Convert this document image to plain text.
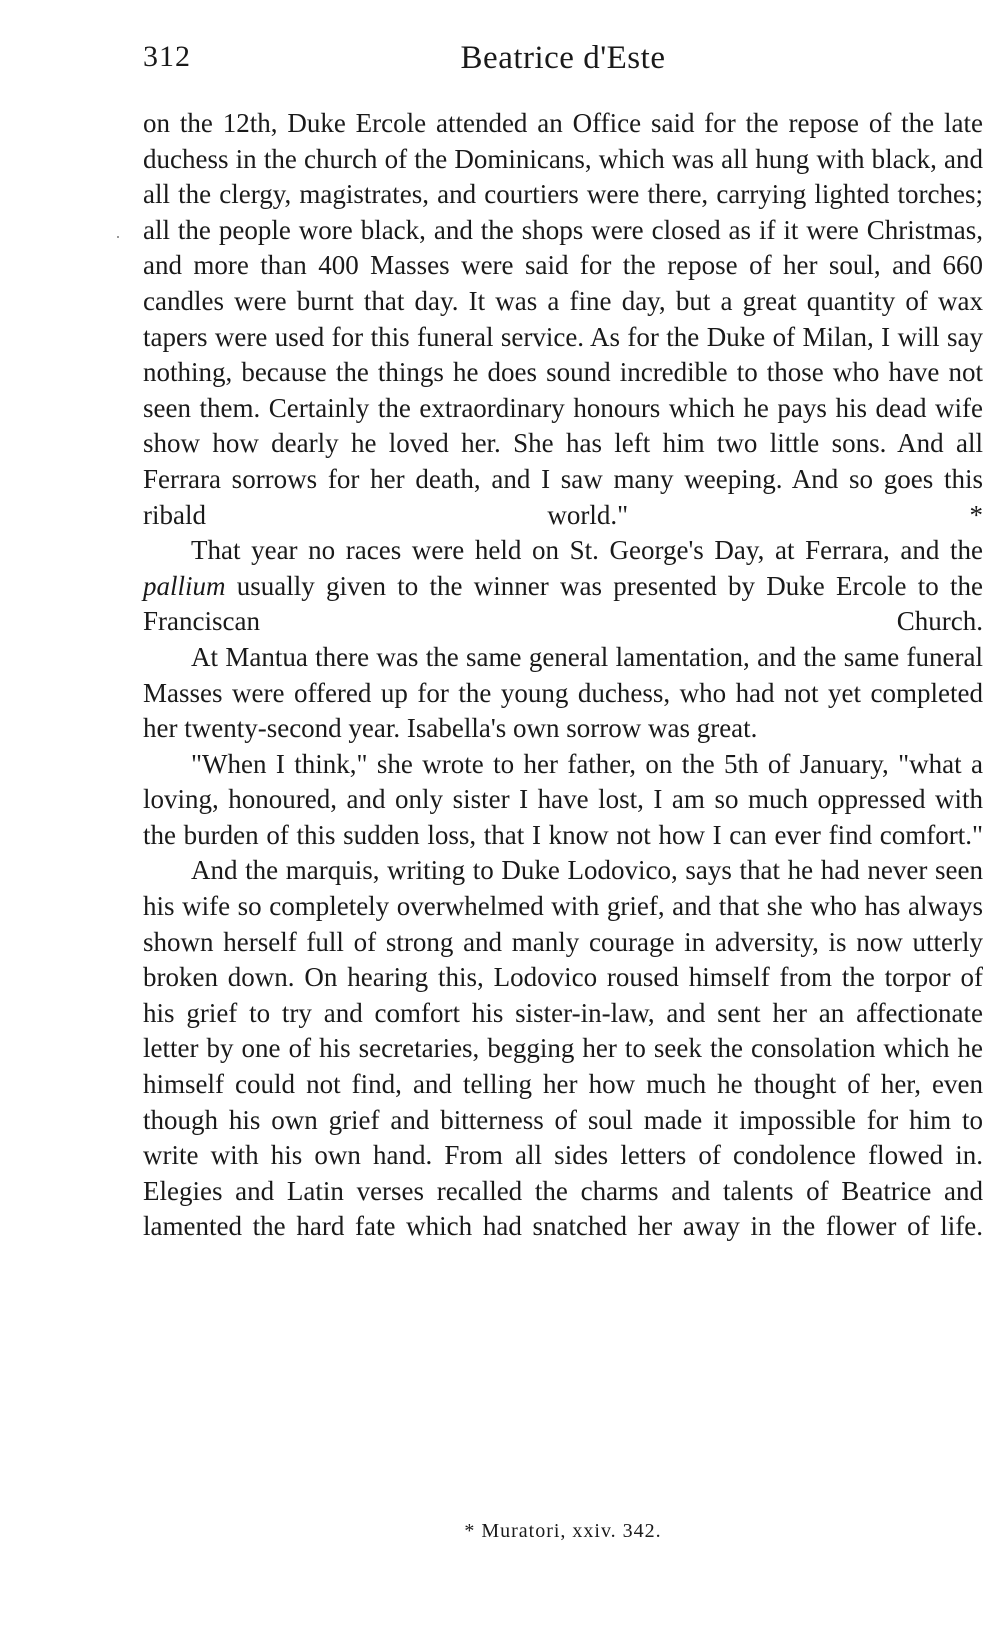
312	Beatrice d'Este

on the 12th, Duke Ercole attended an Office said for the repose of the late duchess in the church of the Dominicans, which was all hung with black, and all the clergy, magistrates, and courtiers were there, carrying lighted torches; all the people wore black, and the shops were closed as if it were Christmas, and more than 400 Masses were said for the repose of her soul, and 660 candles were burnt that day. It was a fine day, but a great quantity of wax tapers were used for this funeral service. As for the Duke of Milan, I will say nothing, because the things he does sound incredible to those who have not seen them. Certainly the extraordinary honours which he pays his dead wife show how dearly he loved her. She has left him two little sons. And all Ferrara sorrows for her death, and I saw many weeping. And so goes this ribald world." *

That year no races were held on St. George's Day, at Ferrara, and the pallium usually given to the winner was presented by Duke Ercole to the Franciscan Church.

At Mantua there was the same general lamentation, and the same funeral Masses were offered up for the young duchess, who had not yet completed her twenty-second year. Isabella's own sorrow was great.

"When I think," she wrote to her father, on the 5th of January, "what a loving, honoured, and only sister I have lost, I am so much oppressed with the burden of this sudden loss, that I know not how I can ever find comfort."

And the marquis, writing to Duke Lodovico, says that he had never seen his wife so completely overwhelmed with grief, and that she who has always shown herself full of strong and manly courage in adversity, is now utterly broken down. On hearing this, Lodovico roused himself from the torpor of his grief to try and comfort his sister-in-law, and sent her an affectionate letter by one of his secretaries, begging her to seek the consolation which he himself could not find, and telling her how much he thought of her, even though his own grief and bitterness of soul made it impossible for him to write with his own hand. From all sides letters of condolence flowed in. Elegies and Latin verses recalled the charms and talents of Beatrice and lamented the hard fate which had snatched her away in the flower of life.

* Muratori, xxiv. 342.
